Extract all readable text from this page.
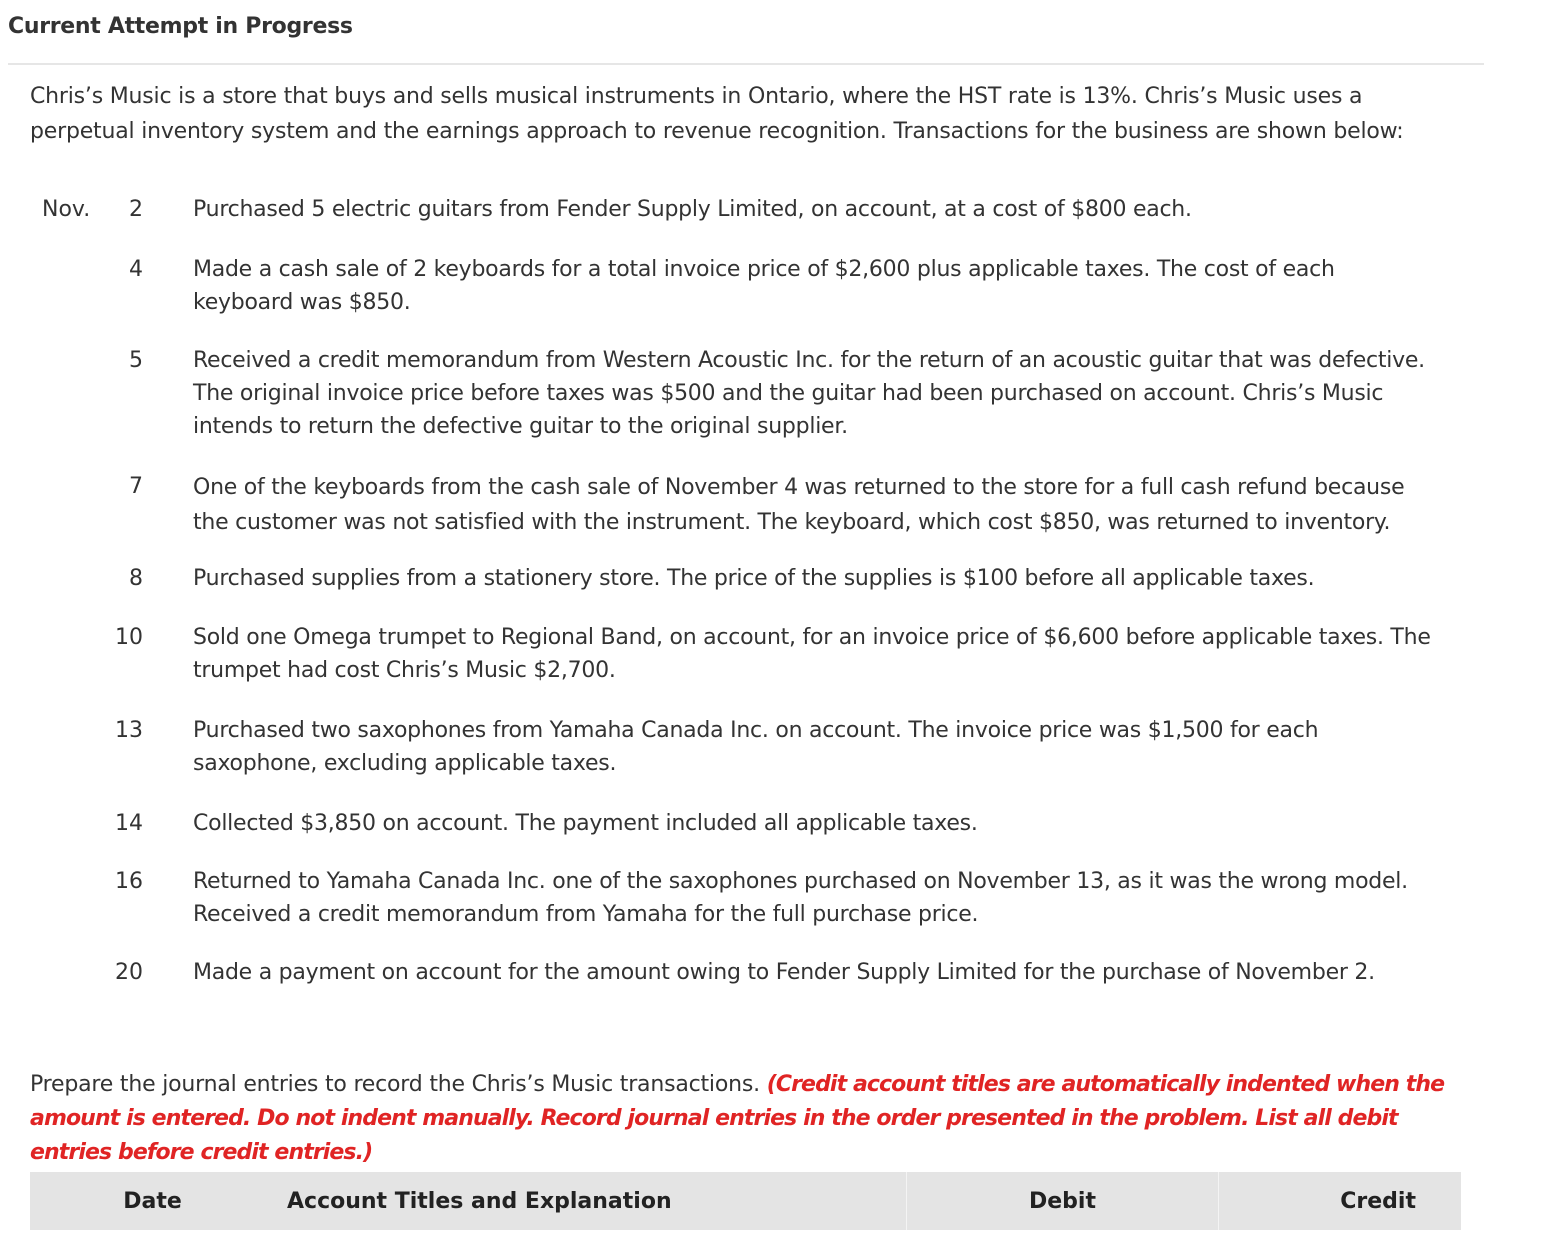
Current Attempt in Progress
Chris’s Music is a store that buys and sells musical instruments in Ontario, where the HST rate is 13%. Chris’s Music uses a perpetual inventory system and the earnings approach to revenue recognition. Transactions for the business are shown below:
Nov.	2 Purchased 5 electric guitars from Fender Supply Limited, on account, at a cost of $800 each.
4 Made a cash sale of 2 keyboards for a total invoice price of $2,600 plus applicable taxes. The cost of each keyboard was $850.
5 Received a credit memorandum from Western Acoustic Inc. for the return of an acoustic guitar that was defective. The original invoice price before taxes was $500 and the guitar had been purchased on account. Chris’s Music intends to return the defective guitar to the original supplier.
7 One of the keyboards from the cash sale of November 4 was returned to the store for a full cash refund because the customer was not satisfied with the instrument. The keyboard, which cost $850, was returned to inventory.
8 Purchased supplies from a stationery store. The price of the supplies is $100 before all applicable taxes.
10 Sold one Omega trumpet to Regional Band, on account, for an invoice price of $6,600 before applicable taxes. The trumpet had cost Chris’s Music $2,700.
13 Purchased two saxophones from Yamaha Canada Inc. on account. The invoice price was $1,500 for each saxophone, excluding applicable taxes.
14 Collected $3,850 on account. The payment included all applicable taxes.
16 Returned to Yamaha Canada Inc. one of the saxophones purchased on November 13, as it was the wrong model. Received a credit memorandum from Yamaha for the full purchase price.
20 Made a payment on account for the amount owing to Fender Supply Limited for the purchase of November 2.
Prepare the journal entries to record the Chris’s Music transactions. (Credit account titles are automatically indented when the amount is entered. Do not indent manually. Record journal entries in the order presented in the problem. List all debit entries before credit entries.)
Date	Account Titles and Explanation	Debit	Credit
